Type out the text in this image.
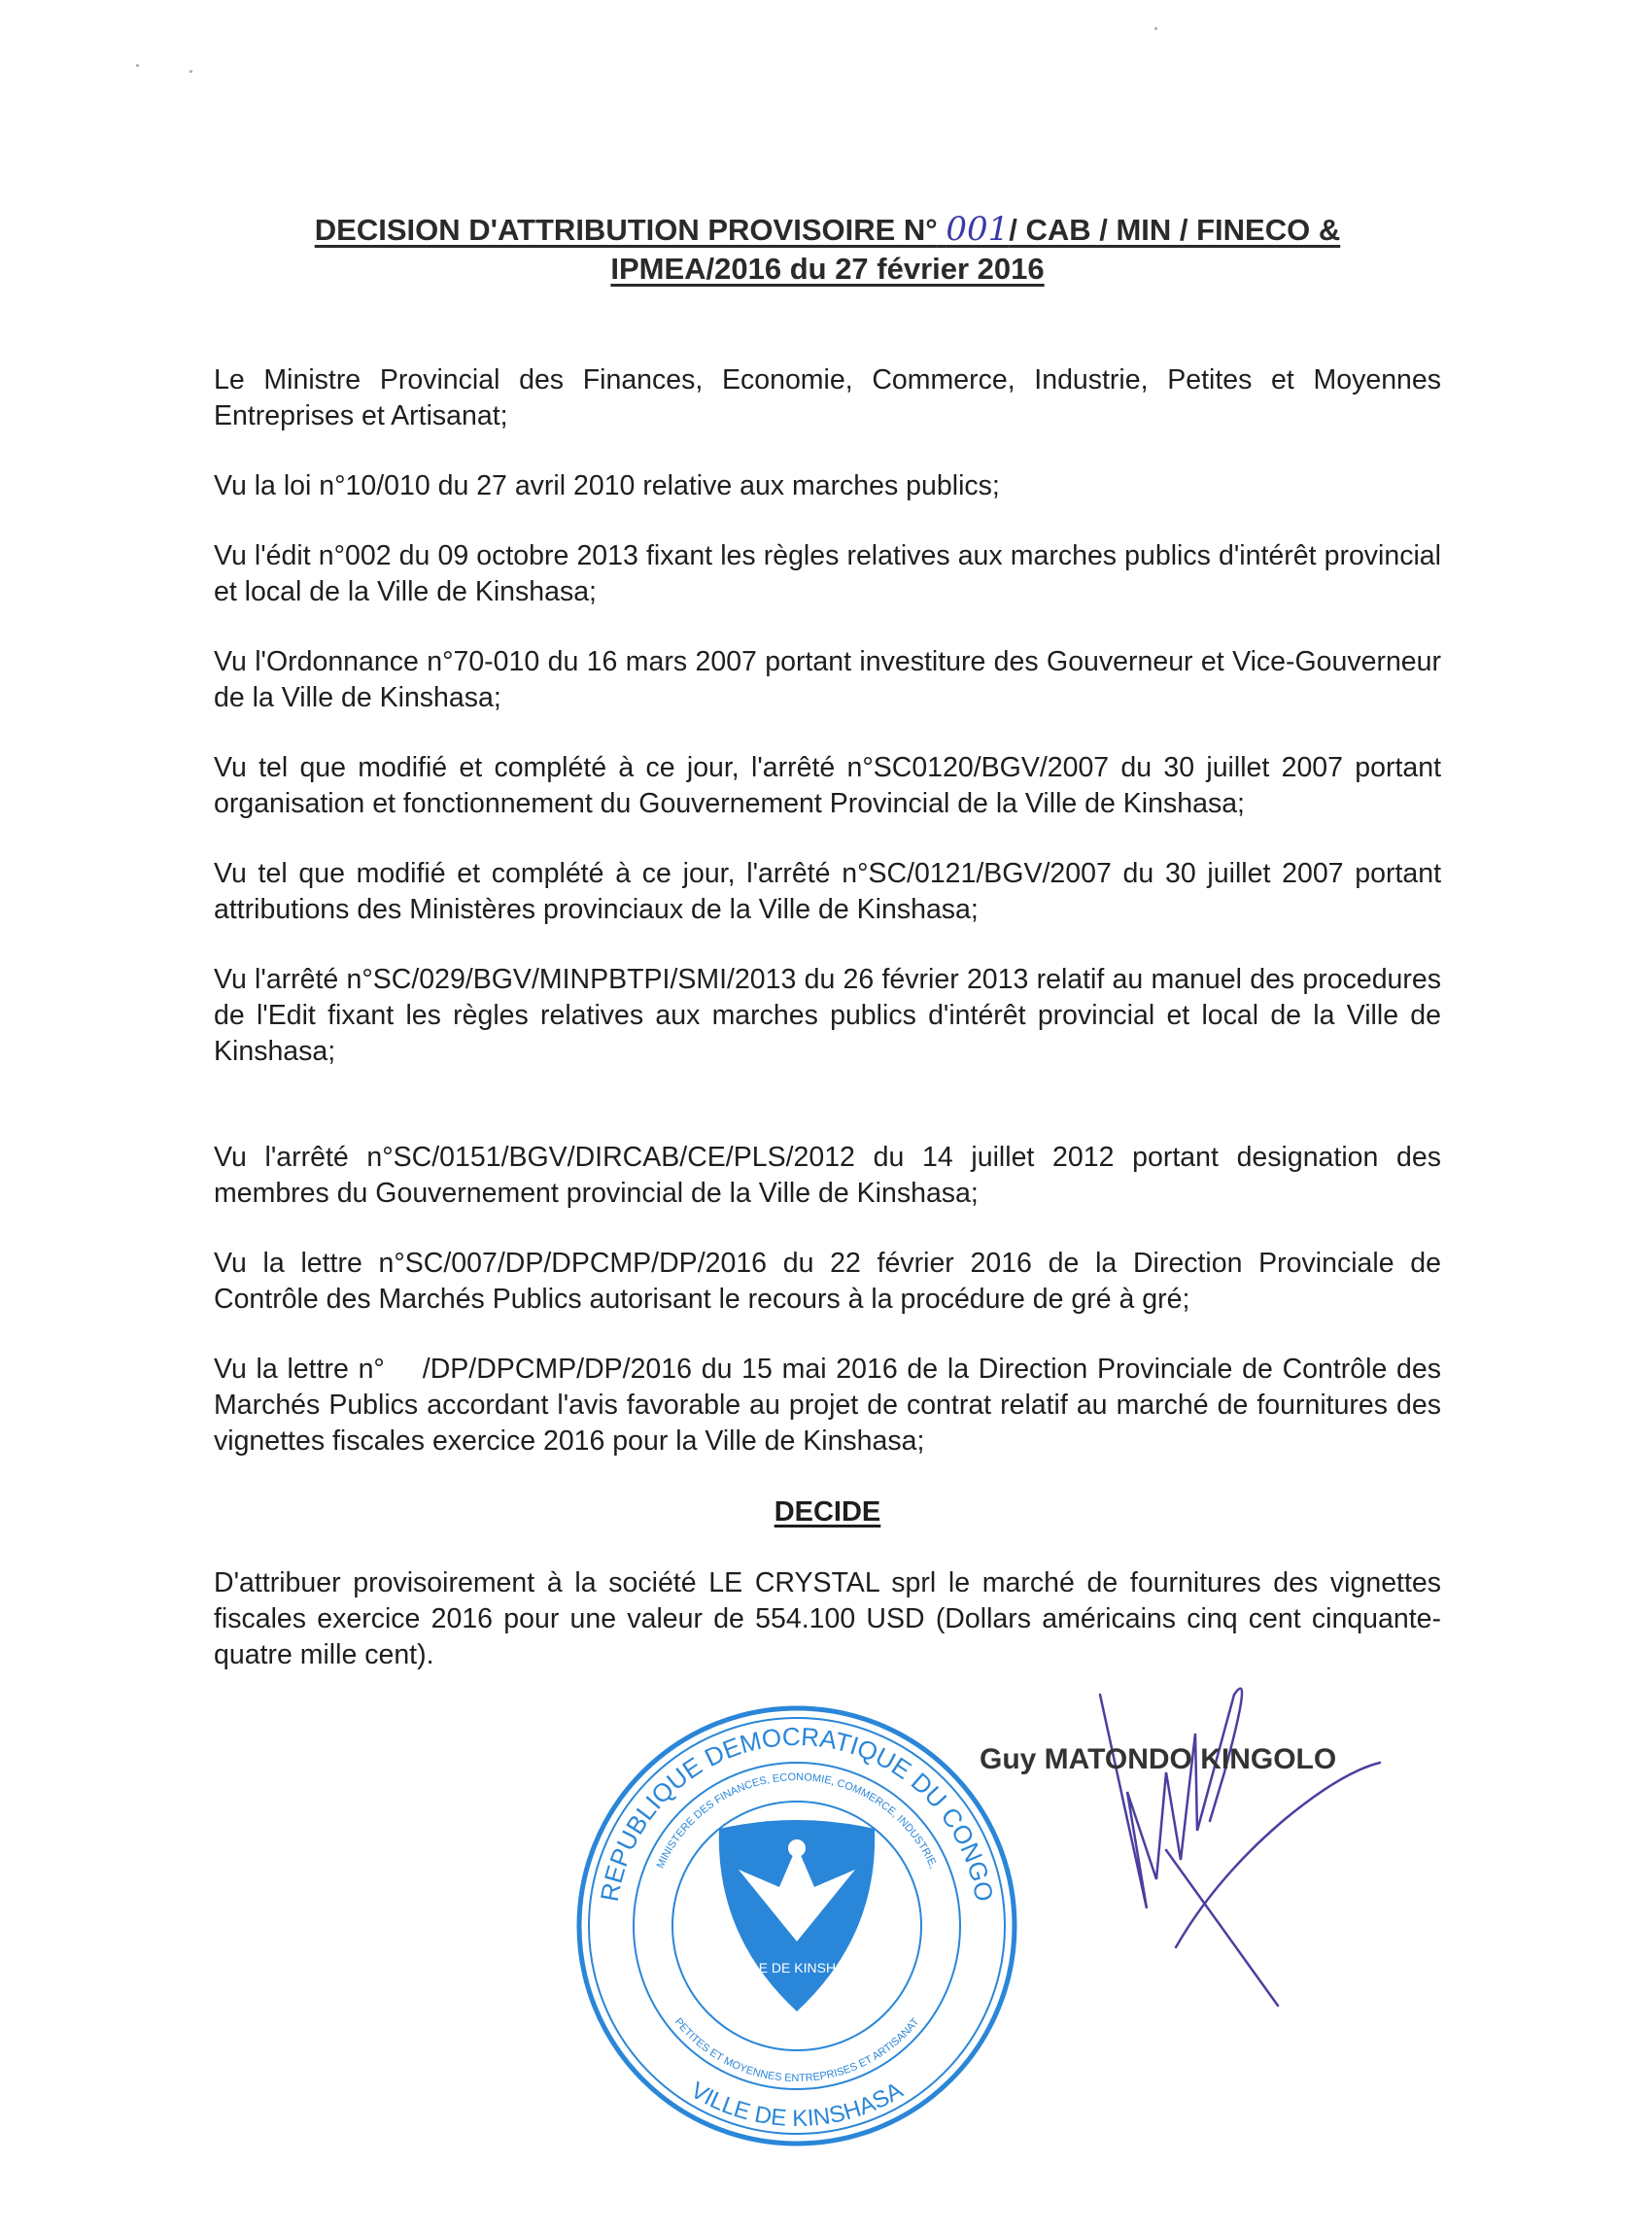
DECISION D'ATTRIBUTION PROVISOIRE N° 001/ CAB / MIN / FINECO &
IPMEA/2016 du 27 février 2016

Le Ministre Provincial des Finances, Economie, Commerce, Industrie, Petites et Moyennes Entreprises et Artisanat;

Vu la loi n°10/010 du 27 avril 2010 relative aux marches publics;

Vu l'édit n°002 du 09 octobre 2013 fixant les règles relatives aux marches publics d'intérêt provincial et local de la Ville de Kinshasa;

Vu l'Ordonnance n°70-010 du 16 mars 2007 portant investiture des Gouverneur et Vice-Gouverneur de la Ville de Kinshasa;

Vu tel que modifié et complété à ce jour, l'arrêté n°SC0120/BGV/2007 du 30 juillet 2007 portant organisation et fonctionnement du Gouvernement Provincial de la Ville de Kinshasa;

Vu tel que modifié et complété à ce jour, l'arrêté n°SC/0121/BGV/2007 du 30 juillet 2007 portant attributions des Ministères provinciaux de la Ville de Kinshasa;

Vu l'arrêté n°SC/029/BGV/MINPBTPI/SMI/2013 du 26 février 2013 relatif au manuel des procedures de l'Edit fixant les règles relatives aux marches publics d'intérêt provincial et local de la Ville de Kinshasa;

Vu l'arrêté n°SC/0151/BGV/DIRCAB/CE/PLS/2012 du 14 juillet 2012 portant designation des membres du Gouvernement provincial de la Ville de Kinshasa;

Vu la lettre n°SC/007/DP/DPCMP/DP/2016 du 22 février 2016 de la Direction Provinciale de Contrôle des Marchés Publics autorisant le recours à la procédure de gré à gré;

Vu la lettre n°    /DP/DPCMP/DP/2016 du 15 mai 2016 de la Direction Provinciale de Contrôle des Marchés Publics accordant l'avis favorable au projet de contrat relatif au marché de fournitures des vignettes fiscales exercice 2016 pour la Ville de Kinshasa;

DECIDE

D'attribuer provisoirement à la société LE CRYSTAL sprl le marché de fournitures des vignettes fiscales exercice 2016 pour une valeur de 554.100 USD (Dollars américains cinq cent cinquante-quatre mille cent).

REPUBLIQUE DEMOCRATIQUE DU CONGO
VILLE DE KINSHASA
MINISTERE DES FINANCES, ECONOMIE, COMMERCE, INDUSTRIE,
PETITES ET MOYENNES ENTREPRISES ET ARTISANAT
VILLE DE KINSHASA
Guy MATONDO KINGOLO
